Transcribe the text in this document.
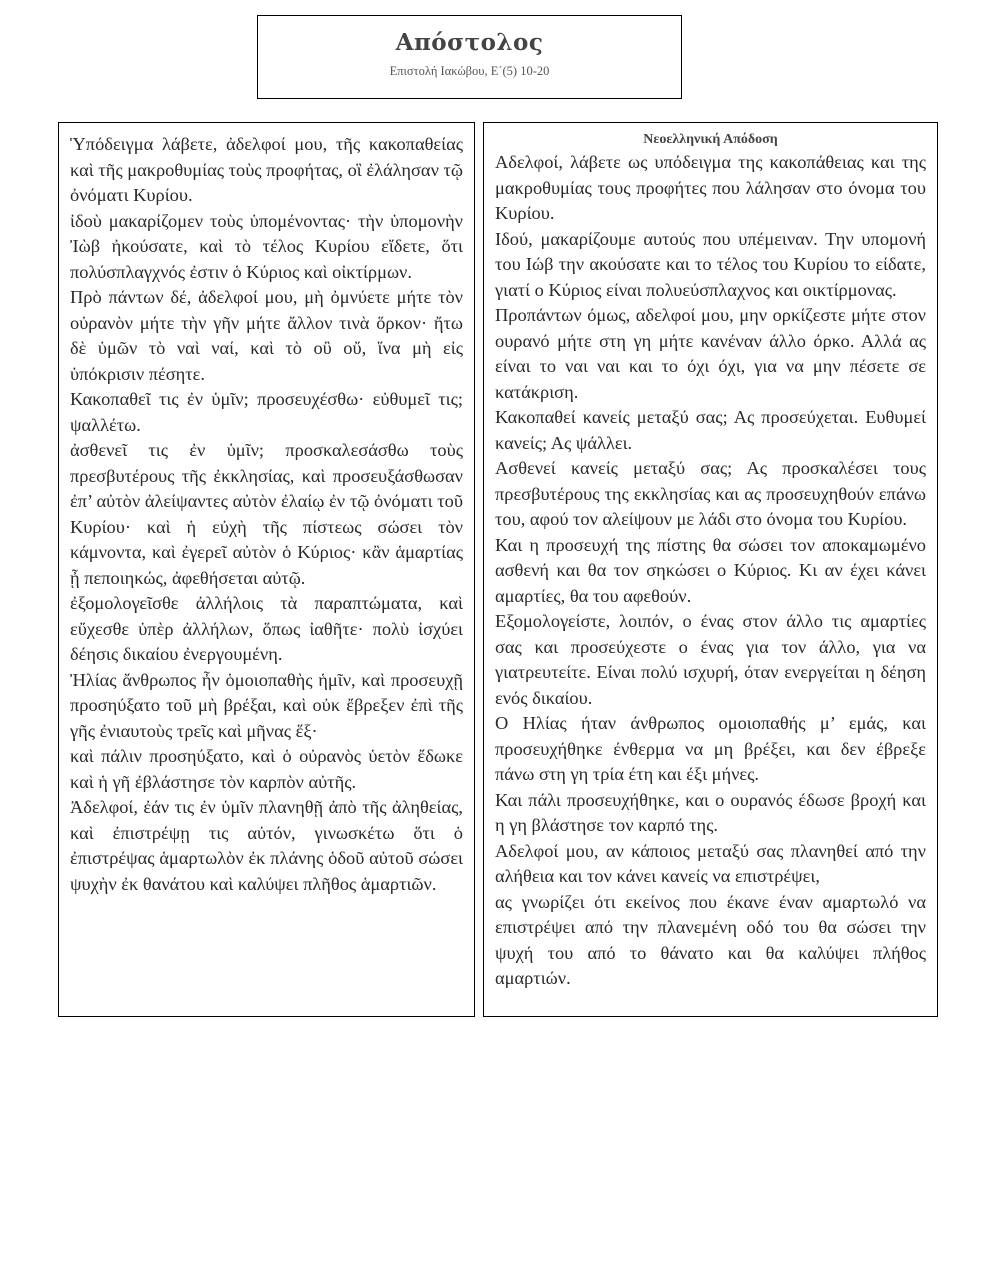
Απόστολος
Επιστολή Ιακώβου, Ε΄(5) 10-20

Ὑπόδειγμα λάβετε, ἀδελφοί μου, τῆς κακοπαθείας καὶ τῆς μακροθυμίας τοὺς προφήτας, οἳ ἐλάλησαν τῷ ὀνόματι Κυρίου.

ἰδοὺ μακαρίζομεν τοὺς ὑπομένοντας· τὴν ὑπομονὴν Ἰὼβ ἠκούσατε, καὶ τὸ τέλος Κυρίου εἴδετε, ὅτι πολύσπλαγχνός ἐστιν ὁ Κύριος καὶ οἰκτίρμων.

Πρὸ πάντων δέ, ἀδελφοί μου, μὴ ὀμνύετε μήτε τὸν οὐρανὸν μήτε τὴν γῆν μήτε ἄλλον τινὰ ὅρκον· ἤτω δὲ ὑμῶν τὸ ναὶ ναί, καὶ τὸ οὒ οὔ, ἵνα μὴ εἰς ὑπόκρισιν πέσητε.

Κακοπαθεῖ τις ἐν ὑμῖν; προσευχέσθω· εὐθυμεῖ τις; ψαλλέτω.

ἀσθενεῖ τις ἐν ὑμῖν; προσκαλεσάσθω τοὺς πρεσβυτέρους τῆς ἐκκλησίας, καὶ προσευξάσθωσαν ἐπ’ αὐτὸν ἀλείψαντες αὐτὸν ἐλαίῳ ἐν τῷ ὀνόματι τοῦ Κυρίου· καὶ ἡ εὐχὴ τῆς πίστεως σώσει τὸν κάμνοντα, καὶ ἐγερεῖ αὐτὸν ὁ Κύριος· κἂν ἁμαρτίας ᾖ πεποιηκώς, ἀφεθήσεται αὐτῷ.

ἐξομολογεῖσθε ἀλλήλοις τὰ παραπτώματα, καὶ εὔχεσθε ὑπὲρ ἀλλήλων, ὅπως ἰαθῆτε· πολὺ ἰσχύει δέησις δικαίου ἐνεργουμένη.

Ἠλίας ἄνθρωπος ἦν ὁμοιοπαθὴς ἡμῖν, καὶ προσευχῇ προσηύξατο τοῦ μὴ βρέξαι, καὶ οὐκ ἔβρεξεν ἐπὶ τῆς γῆς ἐνιαυτοὺς τρεῖς καὶ μῆνας ἕξ·

καὶ πάλιν προσηύξατο, καὶ ὁ οὐρανὸς ὑετὸν ἔδωκε καὶ ἡ γῆ ἐβλάστησε τὸν καρπὸν αὐτῆς.

Ἀδελφοί, ἐάν τις ἐν ὑμῖν πλανηθῇ ἀπὸ τῆς ἀληθείας, καὶ ἐπιστρέψῃ τις αὐτόν, γινωσκέτω ὅτι ὁ ἐπιστρέψας ἁμαρτωλὸν ἐκ πλάνης ὁδοῦ αὐτοῦ σώσει ψυχὴν ἐκ θανάτου καὶ καλύψει πλῆθος ἁμαρτιῶν.

Νεοελληνική Απόδοση

Αδελφοί, λάβετε ως υπόδειγμα της κακοπάθειας και της μακροθυμίας τους προφήτες που λάλησαν στο όνομα του Κυρίου.

Ιδού, μακαρίζουμε αυτούς που υπέμειναν. Την υπομονή του Ιώβ την ακούσατε και το τέλος του Κυρίου το είδατε, γιατί ο Κύριος είναι πολυεύσπλαχνος και οικτίρμονας.

Προπάντων όμως, αδελφοί μου, μην ορκίζεστε μήτε στον ουρανό μήτε στη γη μήτε κανέναν άλλο όρκο. Αλλά ας είναι το ναι ναι και το όχι όχι, για να μην πέσετε σε κατάκριση.

Κακοπαθεί κανείς μεταξύ σας; Ας προσεύχεται. Ευθυμεί κανείς; Ας ψάλλει.

Ασθενεί κανείς μεταξύ σας; Ας προσκαλέσει τους πρεσβυτέρους της εκκλησίας και ας προσευχηθούν επάνω του, αφού τον αλείψουν με λάδι στο όνομα του Κυρίου.

Και η προσευχή της πίστης θα σώσει τον αποκαμωμένο ασθενή και θα τον σηκώσει ο Κύριος. Κι αν έχει κάνει αμαρτίες, θα του αφεθούν.

Εξομολογείστε, λοιπόν, ο ένας στον άλλο τις αμαρτίες σας και προσεύχεστε ο ένας για τον άλλο, για να γιατρευτείτε. Είναι πολύ ισχυρή, όταν ενεργείται η δέηση ενός δικαίου.

Ο Ηλίας ήταν άνθρωπος ομοιοπαθής μ’ εμάς, και προσευχήθηκε ένθερμα να μη βρέξει, και δεν έβρεξε πάνω στη γη τρία έτη και έξι μήνες.

Και πάλι προσευχήθηκε, και ο ουρανός έδωσε βροχή και η γη βλάστησε τον καρπό της.

Αδελφοί μου, αν κάποιος μεταξύ σας πλανηθεί από την αλήθεια και τον κάνει κανείς να επιστρέψει,

ας γνωρίζει ότι εκείνος που έκανε έναν αμαρτωλό να επιστρέψει από την πλανεμένη οδό του θα σώσει την ψυχή του από το θάνατο και θα καλύψει πλήθος αμαρτιών.
